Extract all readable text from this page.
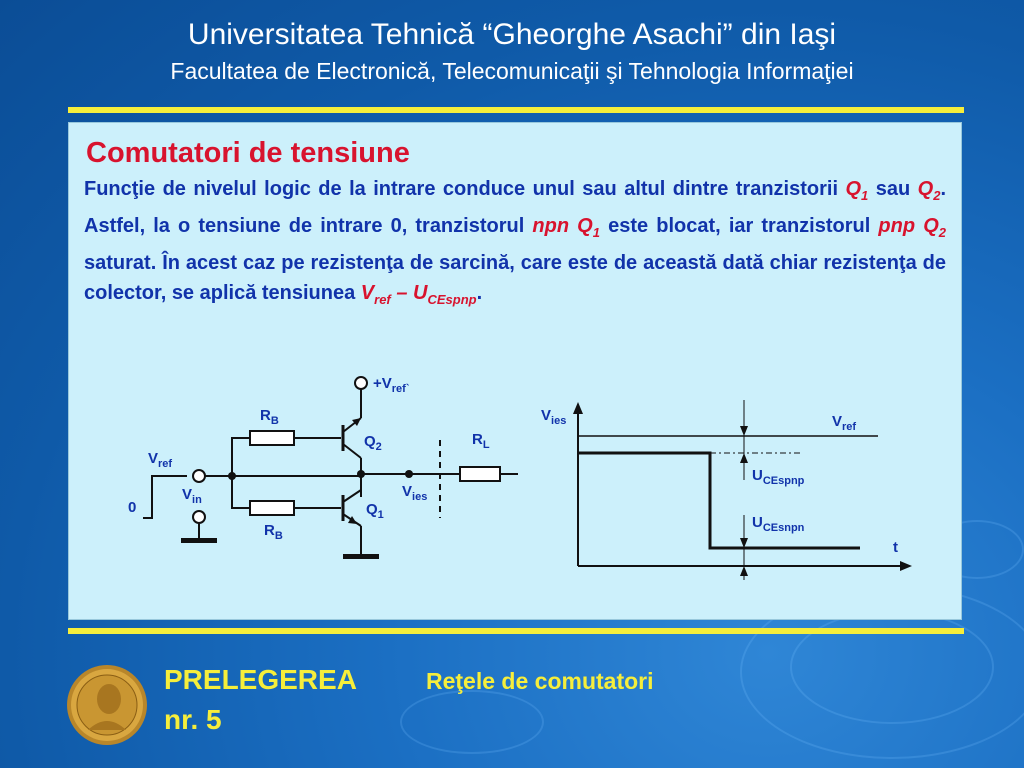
Universitatea Tehnică “Gheorghe Asachi” din Iaşi
Facultatea de Electronică, Telecomunicaţii şi Tehnologia Informaţiei
Comutatori de tensiune
Funcţie de nivelul logic de la intrare conduce unul sau altul dintre tranzistorii $Q_1$ sau $Q_2$. Astfel, la o tensiune de intrare 0, tranzistorul npn $Q_1$ este blocat, iar tranzistorul pnp $Q_2$ saturat. În acest caz pe rezistenţa de sarcină, care este de această dată chiar rezistenţa de colector, se aplică tensiunea $V_{ref} - U_{CEspnp}$.
$+V_{ref`}$
$R_B$
$R_B$
$Q_2$
$Q_1$
$R_L$
$V_{ref}$
0
$V_{in}$	$V_{ies}$
$V_{ies}$	$V_{ref}$
$U_{CEspnp}$
$U_{CEsnpn}$
t
PRELEGEREA
nr. 5
Reţele de comutatori
